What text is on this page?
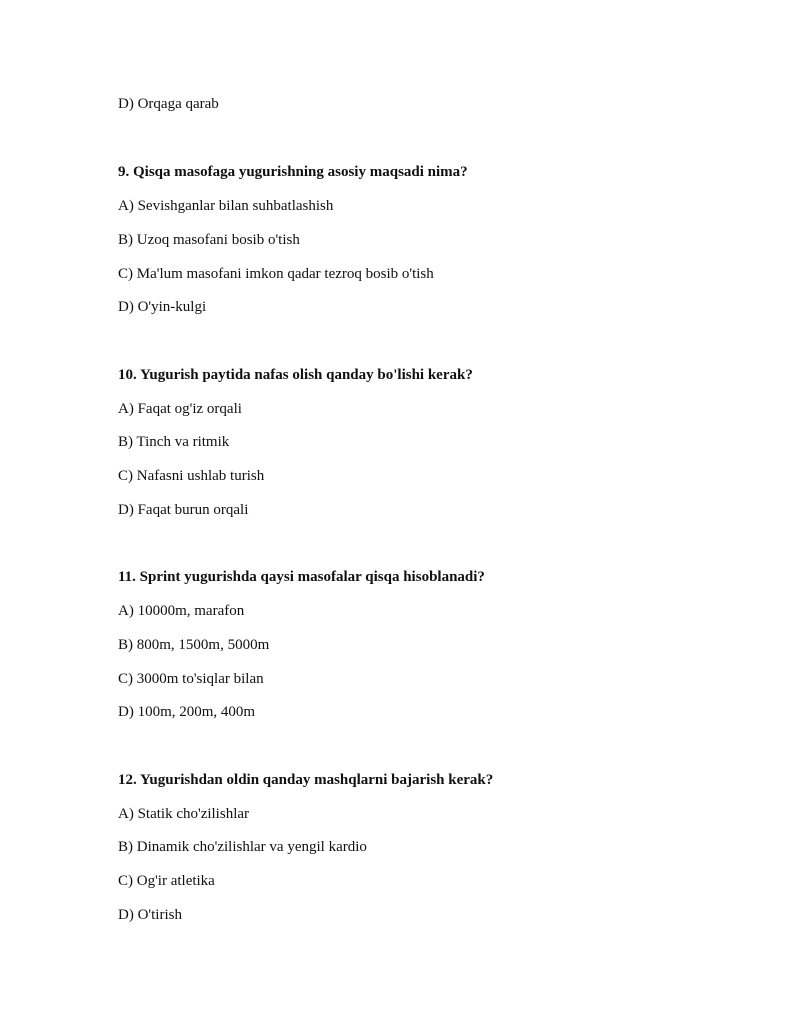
D) Orqaga qarab
9. Qisqa masofaga yugurishning asosiy maqsadi nima?
A) Sevishganlar bilan suhbatlashish
B) Uzoq masofani bosib o'tish
C) Ma'lum masofani imkon qadar tezroq bosib o'tish
D) O'yin-kulgi
10. Yugurish paytida nafas olish qanday bo'lishi kerak?
A) Faqat og'iz orqali
B) Tinch va ritmik
C) Nafasni ushlab turish
D) Faqat burun orqali
11. Sprint yugurishda qaysi masofalar qisqa hisoblanadi?
A) 10000m, marafon
B) 800m, 1500m, 5000m
C) 3000m to'siqlar bilan
D) 100m, 200m, 400m
12. Yugurishdan oldin qanday mashqlarni bajarish kerak?
A) Statik cho'zilishlar
B) Dinamik cho'zilishlar va yengil kardio
C) Og'ir atletika
D) O'tirish
